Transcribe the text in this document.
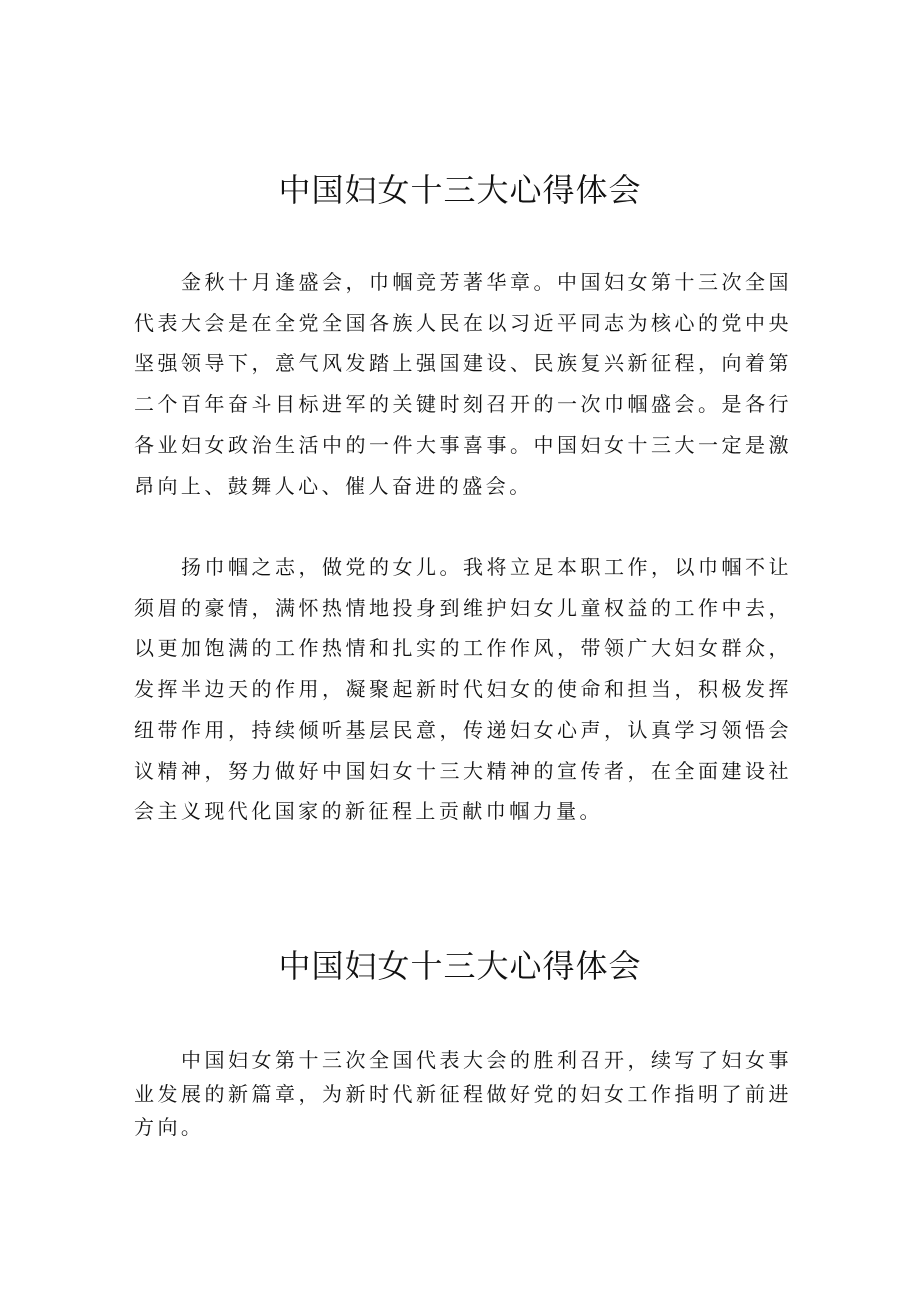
中国妇女十三大心得体会

金秋十月逢盛会，巾帼竞芳著华章。中国妇女第十三次全国代表大会是在全党全国各族人民在以习近平同志为核心的党中央坚强领导下，意气风发踏上强国建设、民族复兴新征程，向着第二个百年奋斗目标进军的关键时刻召开的一次巾帼盛会。是各行各业妇女政治生活中的一件大事喜事。中国妇女十三大一定是激昂向上、鼓舞人心、催人奋进的盛会。

扬巾帼之志，做党的女儿。我将立足本职工作，以巾帼不让须眉的豪情，满怀热情地投身到维护妇女儿童权益的工作中去，以更加饱满的工作热情和扎实的工作作风，带领广大妇女群众，发挥半边天的作用，凝聚起新时代妇女的使命和担当，积极发挥纽带作用，持续倾听基层民意，传递妇女心声，认真学习领悟会议精神，努力做好中国妇女十三大精神的宣传者，在全面建设社会主义现代化国家的新征程上贡献巾帼力量。

中国妇女十三大心得体会

中国妇女第十三次全国代表大会的胜利召开，续写了妇女事业发展的新篇章，为新时代新征程做好党的妇女工作指明了前进方向。
